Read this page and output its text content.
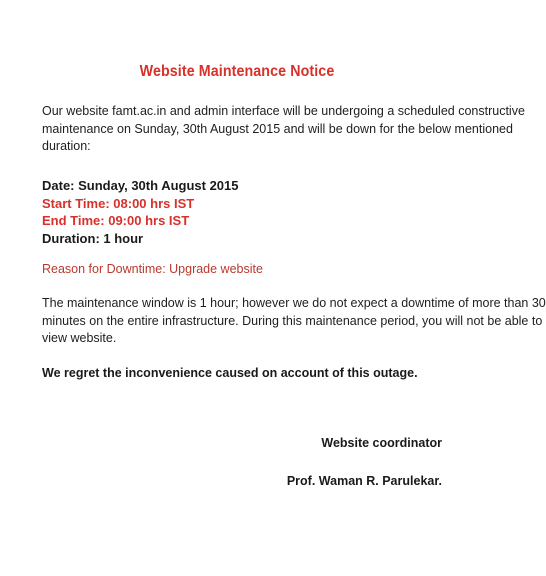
Website Maintenance Notice
Our website famt.ac.in and admin interface will be undergoing a scheduled constructive
maintenance on Sunday, 30th August 2015 and will be down for the below mentioned
duration:
Date: Sunday, 30th August 2015
Start Time: 08:00 hrs IST
End Time: 09:00 hrs IST
Duration: 1 hour
Reason for Downtime: Upgrade website
The maintenance window is 1 hour; however we do not expect a downtime of more than 30
minutes on the entire infrastructure. During this maintenance period, you will not be able to
view website.
We regret the inconvenience caused on account of this outage.
Website coordinator
Prof. Waman R. Parulekar.
